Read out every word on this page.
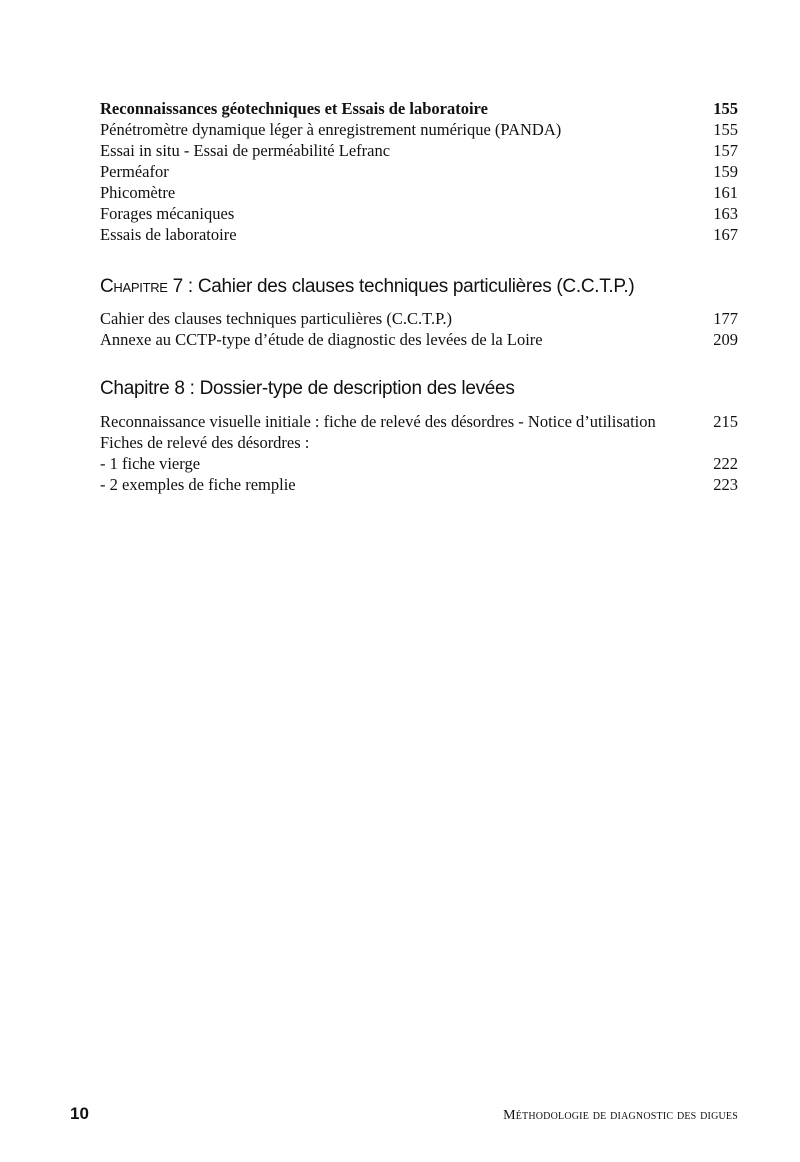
Reconnaissances géotechniques et Essais de laboratoire	155
Pénétromètre dynamique léger à enregistrement numérique (PANDA)	155
Essai in situ - Essai de perméabilité Lefranc	157
Perméafor	159
Phicomètre	161
Forages mécaniques	163
Essais de laboratoire	167
Chapitre 7 : Cahier des clauses techniques particulières (C.C.T.P.)
Cahier des clauses techniques particulières (C.C.T.P.)	177
Annexe au CCTP-type d’étude de diagnostic des levées de la Loire	209
Chapitre 8 : Dossier-type de description des levées
Reconnaissance visuelle initiale : fiche de relevé des désordres - Notice d’utilisation	215
Fiches de relevé des désordres :
- 1 fiche vierge	222
- 2 exemples de fiche remplie	223
10	Méthodologie de diagnostic des digues
